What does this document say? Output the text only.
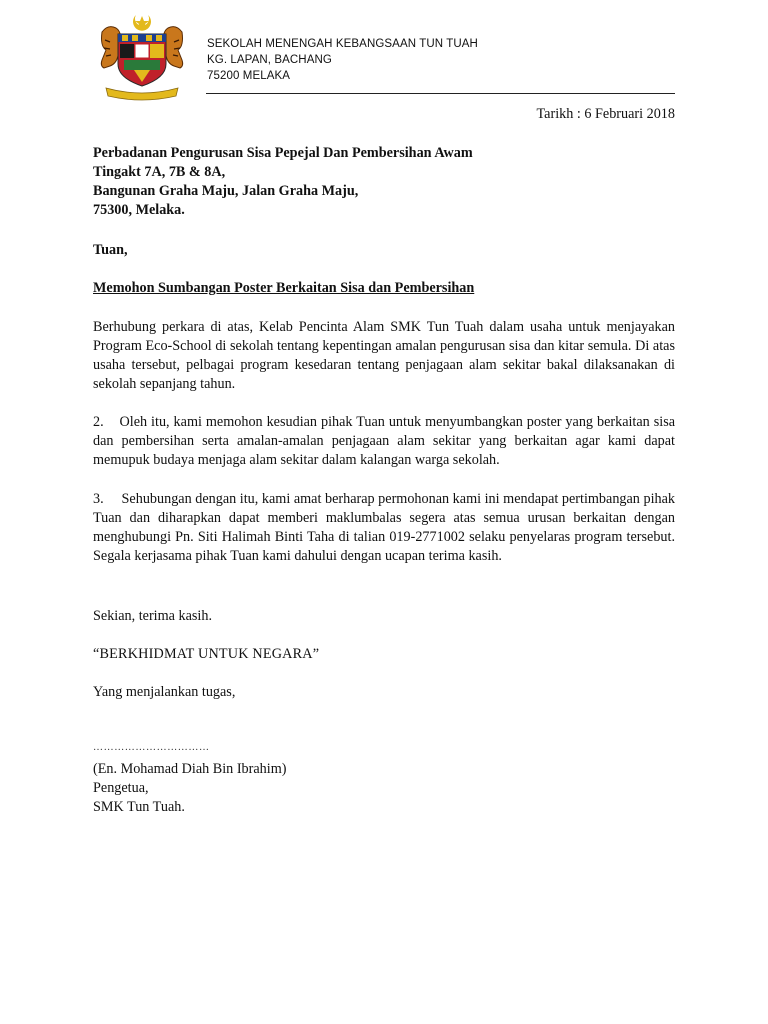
SEKOLAH MENENGAH KEBANGSAAN TUN TUAH
KG. LAPAN, BACHANG
75200 MELAKA
Tarikh : 6 Februari 2018
Perbadanan Pengurusan Sisa Pepejal Dan Pembersihan Awam
Tingakt 7A, 7B & 8A,
Bangunan Graha Maju, Jalan Graha Maju,
75300, Melaka.
Tuan,
Memohon Sumbangan Poster Berkaitan Sisa dan Pembersihan
Berhubung perkara di atas, Kelab Pencinta Alam SMK Tun Tuah dalam usaha untuk menjayakan Program Eco-School di sekolah tentang kepentingan amalan pengurusan sisa dan kitar semula. Di atas usaha tersebut, pelbagai program kesedaran tentang penjagaan alam sekitar bakal dilaksanakan di sekolah sepanjang tahun.
2. Oleh itu, kami memohon kesudian pihak Tuan untuk menyumbangkan poster yang berkaitan sisa dan pembersihan serta amalan-amalan penjagaan alam sekitar yang berkaitan agar kami dapat memupuk budaya menjaga alam sekitar dalam kalangan warga sekolah.
3. Sehubungan dengan itu, kami amat berharap permohonan kami ini mendapat pertimbangan pihak Tuan dan diharapkan dapat memberi maklumbalas segera atas semua urusan berkaitan dengan menghubungi Pn. Siti Halimah Binti Taha di talian 019-2771002 selaku penyelaras program tersebut. Segala kerjasama pihak Tuan kami dahului dengan ucapan terima kasih.
Sekian, terima kasih.
“BERKHIDMAT UNTUK NEGARA”
Yang menjalankan tugas,
……………………………
(En. Mohamad Diah Bin Ibrahim)
Pengetua,
SMK Tun Tuah.
